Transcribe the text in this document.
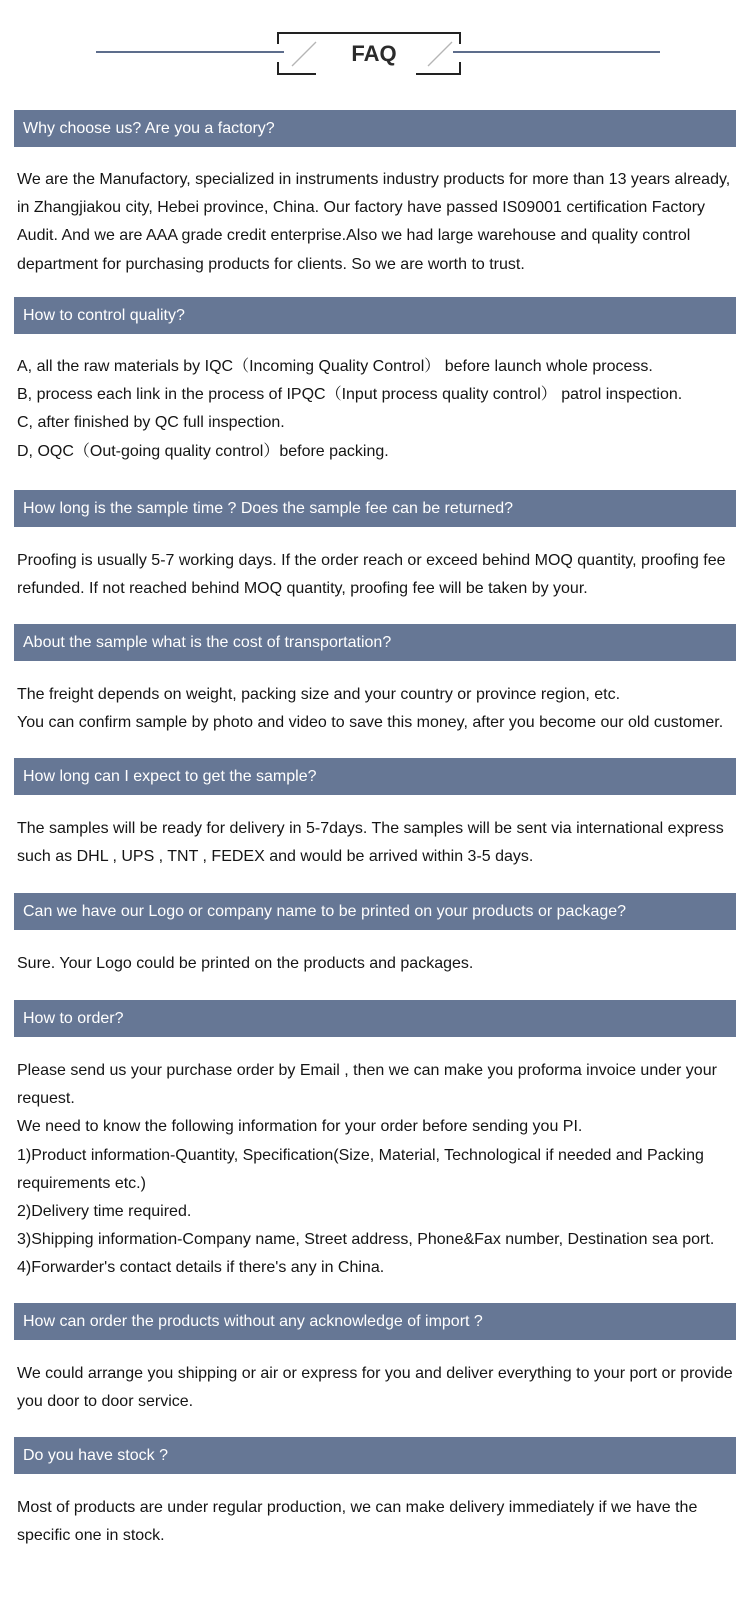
FAQ
Why choose us? Are you a factory?

We are the Manufactory, specialized in instruments industry products for more than 13 years already, in Zhangjiakou city, Hebei province, China. Our factory have passed IS09001 certification Factory Audit. And we are AAA grade credit enterprise.Also we had large warehouse and quality control department for purchasing products for clients. So we are worth to trust.

How to control quality?

A, all the raw materials by IQC（Incoming Quality Control） before launch whole process.

B, process each link in the process of IPQC（Input process quality control） patrol inspection.

C, after finished by QC full inspection.

D, OQC（Out-going quality control）before packing.

How long is the sample time ? Does the sample fee can be returned?

Proofing is usually 5-7 working days. If the order reach or exceed behind MOQ quantity, proofing fee refunded. If not reached behind MOQ quantity, proofing fee will be taken by your.

About the sample what is the cost of transportation?

The freight depends on weight, packing size and your country or province region, etc.

You can confirm sample by photo and video to save this money, after you become our old customer.

How long can I expect to get the sample?

The samples will be ready for delivery in 5-7days. The samples will be sent via international express such as DHL , UPS , TNT , FEDEX and would be arrived within 3-5 days.

Can we have our Logo or company name to be printed on your products or package?

Sure. Your Logo could be printed on the products and packages.

How to order?

Please send us your purchase order by Email , then we can make you proforma invoice under your request.

We need to know the following information for your order before sending you PI.

1)Product information-Quantity, Specification(Size, Material, Technological if needed and Packing requirements etc.)

2)Delivery time required.

3)Shipping information-Company name, Street address, Phone&Fax number, Destination sea port.

4)Forwarder's contact details if there's any in China.

How can order the products without any acknowledge of import ?

We could arrange you shipping or air or express for you and deliver everything to your port or provide you door to door service.

Do you have stock ?

Most of products are under regular production, we can make delivery immediately if we have the specific one in stock.
